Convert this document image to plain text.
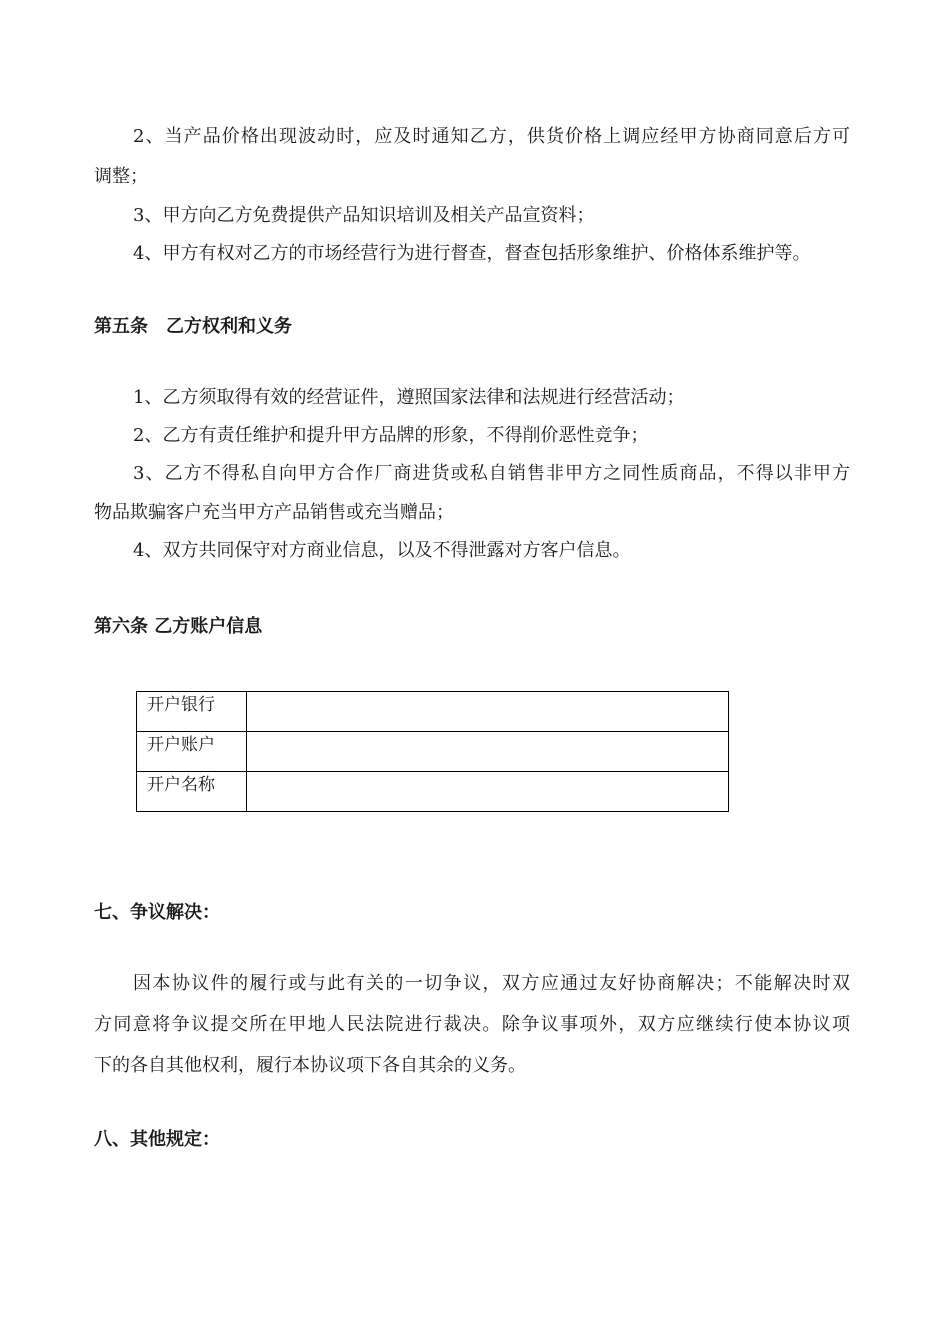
2、当产品价格出现波动时，应及时通知乙方，供货价格上调应经甲方协商同意后方可
调整；
3、甲方向乙方免费提供产品知识培训及相关产品宣资料；
4、甲方有权对乙方的市场经营行为进行督查，督查包括形象维护、价格体系维护等。
第五条　乙方权利和义务
1、乙方须取得有效的经营证件，遵照国家法律和法规进行经营活动；
2、乙方有责任维护和提升甲方品牌的形象，不得削价恶性竞争；
3、乙方不得私自向甲方合作厂商进货或私自销售非甲方之同性质商品，不得以非甲方
物品欺骗客户充当甲方产品销售或充当赠品；
4、双方共同保守对方商业信息，以及不得泄露对方客户信息。
第六条 乙方账户信息
开户银行	
开户账户	
开户名称	
七、争议解决：
因本协议件的履行或与此有关的一切争议，双方应通过友好协商解决；不能解决时双
方同意将争议提交所在甲地人民法院进行裁决。除争议事项外，双方应继续行使本协议项
下的各自其他权利，履行本协议项下各自其余的义务。
八、其他规定：
